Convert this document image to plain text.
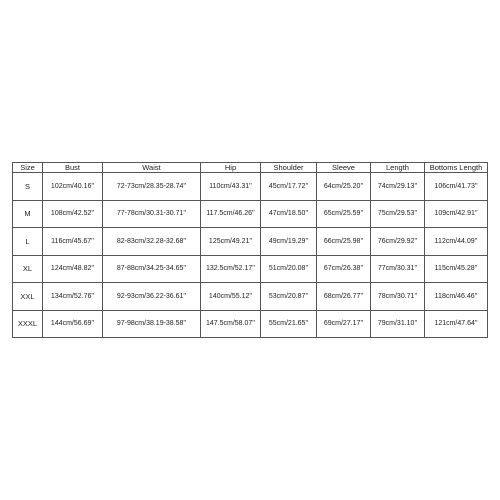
Size	Bust	Waist	Hip	Shoulder	Sleeve	Length	Bottoms Length
S	102cm/40.16''	72-73cm/28.35-28.74''	110cm/43.31''	45cm/17.72''	64cm/25.20''	74cm/29.13''	106cm/41.73''
M	108cm/42.52''	77-78cm/30.31-30.71''	117.5cm/46.26''	47cm/18.50''	65cm/25.59''	75cm/29.53''	109cm/42.91''
L	116cm/45.67''	82-83cm/32.28-32.68''	125cm/49.21''	49cm/19.29''	66cm/25.98''	76cm/29.92''	112cm/44.09''
XL	124cm/48.82''	87-88cm/34.25-34.65''	132.5cm/52.17''	51cm/20.08''	67cm/26.38''	77cm/30.31''	115cm/45.28''
XXL	134cm/52.76''	92-93cm/36.22-36.61''	140cm/55.12''	53cm/20.87''	68cm/26.77''	78cm/30.71''	118cm/46.46''
XXXL	144cm/56.69''	97-98cm/38.19-38.58''	147.5cm/58.07''	55cm/21.65''	69cm/27.17''	79cm/31.10''	121cm/47.64''
